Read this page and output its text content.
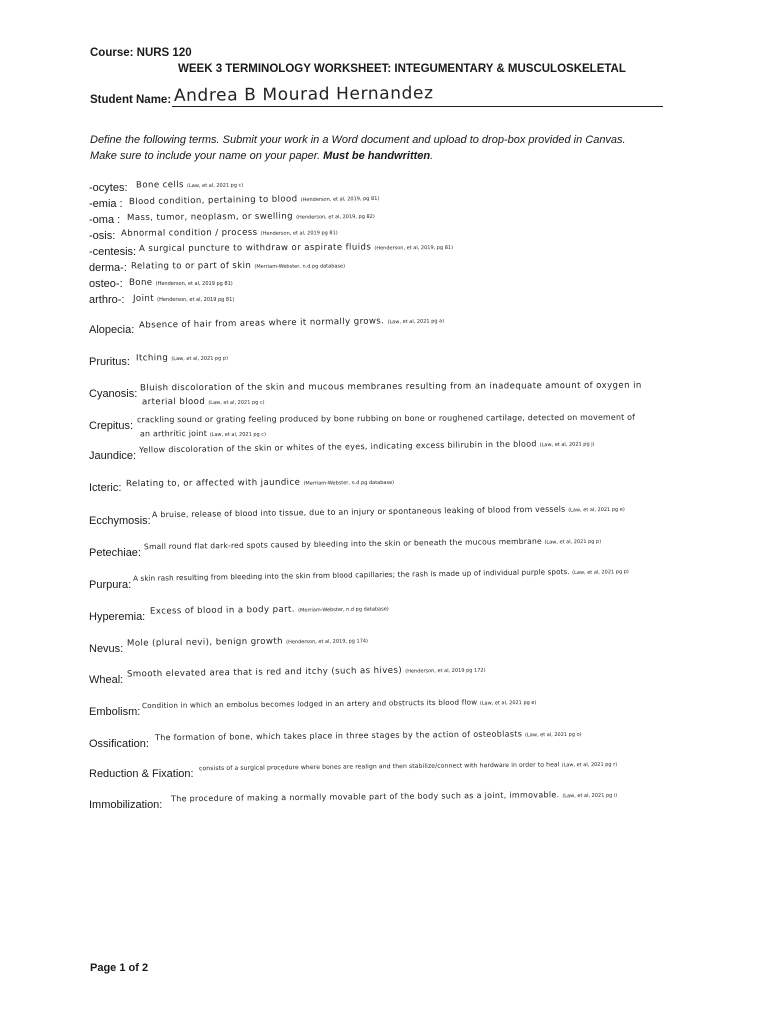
Course: NURS 120
WEEK 3 TERMINOLOGY WORKSHEET: INTEGUMENTARY & MUSCULOSKELETAL
Student Name: Andrea B Mourad Hernandez
Define the following terms. Submit your work in a Word document and upload to drop-box provided in Canvas.
Make sure to include your name on your paper. Must be handwritten.
-ocytes: Bone cells (Law, et al, 2021 pg c)
-emia : Blood condition, pertaining to blood (Henderson, et al, 2019, pg 81)
-oma : Mass, tumor, neoplasm, or swelling (Henderson, et al, 2019, pg 82)
-osis: Abnormal condition / process (Henderson, et al, 2019 pg 81)
-centesis: A surgical puncture to withdraw or aspirate fluids (Henderson, et al, 2019, pg 81)
derma-: Relating to or part of skin (Merriam-Webster, n.d pg database)
osteo-: Bone (Henderson, et al, 2019 pg 81)
arthro-: Joint (Henderson, et al, 2019 pg 81)
Alopecia: Absence of hair from areas where it normally grows. (Law, et al, 2021 pg a)
Pruritus: Itching (Law, et al, 2021 pg p)
Cyanosis:
Bluish discoloration of the skin and mucous membranes resulting from an inadequate amount of oxygen in
arterial blood (Law, et al, 2021 pg c)
Crepitus:
crackling sound or grating feeling produced by bone rubbing on bone or roughened cartilage, detected on movement of
an arthritic joint (Law, et al, 2021 pg c)
Jaundice:
Yellow discoloration of the skin or whites of the eyes, indicating excess bilirubin in the blood (Law, et al, 2021 pg j)
Icteric: Relating to, or affected with jaundice (Merriam-Webster, n.d pg database)
Ecchymosis:
A bruise, release of blood into tissue, due to an injury or spontaneous leaking of blood from vessels (Law, et al, 2021 pg e)
Petechiae:
Small round flat dark-red spots caused by bleeding into the skin or beneath the mucous membrane (Law, et al, 2021 pg p)
Purpura:
A skin rash resulting from bleeding into the skin from blood capillaries; the rash is made up of individual purple spots. (Law, et al, 2021 pg p)
Hyperemia:
Excess of blood in a body part. (Merriam-Webster, n.d pg database)
Nevus:
Mole (plural nevi), benign growth (Henderson, et al, 2019, pg 174)
Wheal:
Smooth elevated area that is red and itchy (such as hives) (Henderson, et al, 2019 pg 172)
Embolism:
Condition in which an embolus becomes lodged in an artery and obstructs its blood flow (Law, et al, 2021 pg e)
Ossification:
The formation of bone, which takes place in three stages by the action of osteoblasts (Law, et al, 2021 pg o)
Reduction & Fixation:
consists of a surgical procedure where bones are realign and then stabilize/connect with hardware in order to heal (Law, et al, 2021 pg r)
Immobilization:
The procedure of making a normally movable part of the body such as a joint, immovable. (Law, et al, 2021 pg i)
Page 1 of 2
